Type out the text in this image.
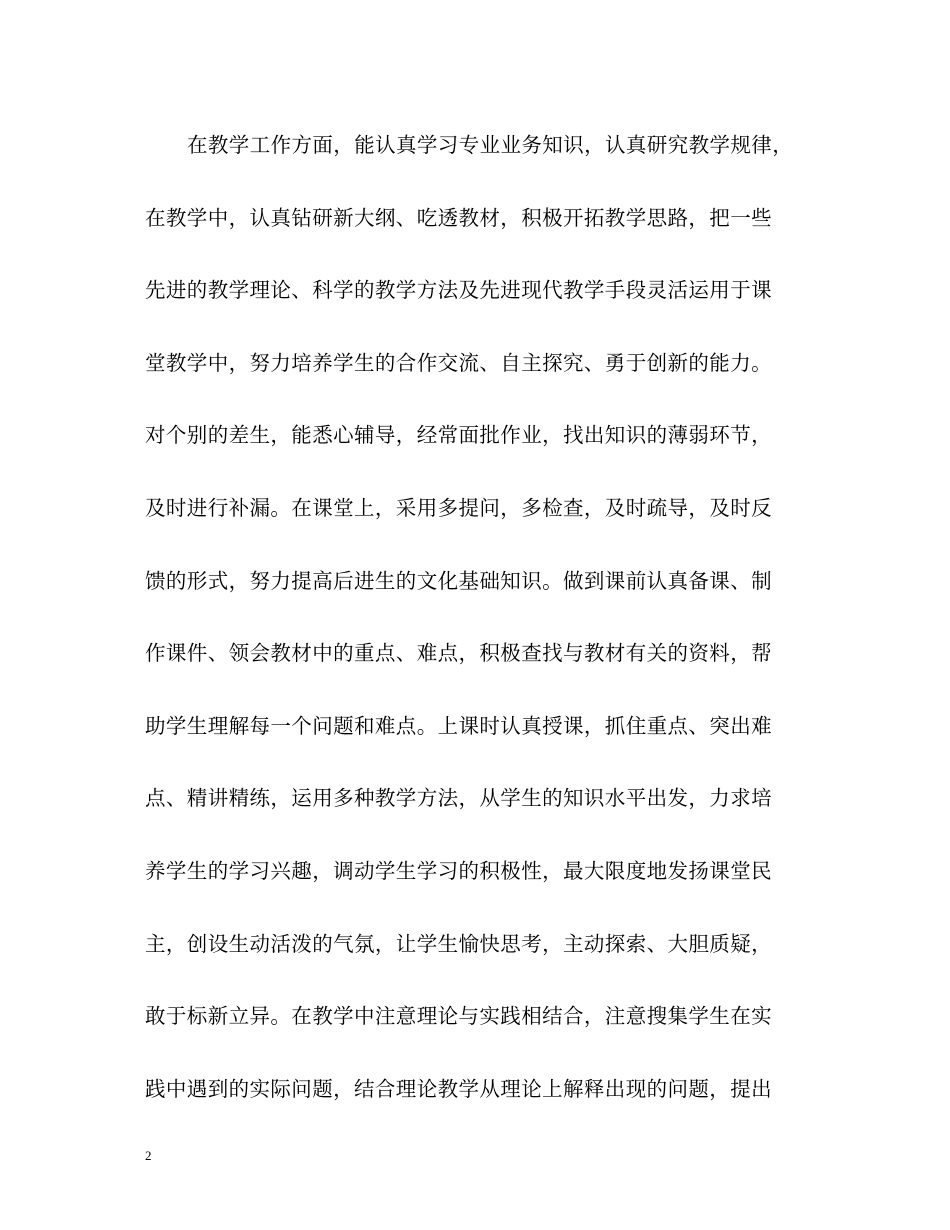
在教学工作方面，能认真学习专业业务知识，认真研究教学规律，
在教学中，认真钻研新大纲、吃透教材，积极开拓教学思路，把一些
先进的教学理论、科学的教学方法及先进现代教学手段灵活运用于课
堂教学中，努力培养学生的合作交流、自主探究、勇于创新的能力。
对个别的差生，能悉心辅导，经常面批作业，找出知识的薄弱环节，
及时进行补漏。在课堂上，采用多提问，多检查，及时疏导，及时反
馈的形式，努力提高后进生的文化基础知识。做到课前认真备课、制
作课件、领会教材中的重点、难点，积极查找与教材有关的资料，帮
助学生理解每一个问题和难点。上课时认真授课，抓住重点、突出难
点、精讲精练，运用多种教学方法，从学生的知识水平出发，力求培
养学生的学习兴趣，调动学生学习的积极性，最大限度地发扬课堂民
主，创设生动活泼的气氛，让学生愉快思考，主动探索、大胆质疑，
敢于标新立异。在教学中注意理论与实践相结合，注意搜集学生在实
践中遇到的实际问题，结合理论教学从理论上解释出现的问题，提出
2
